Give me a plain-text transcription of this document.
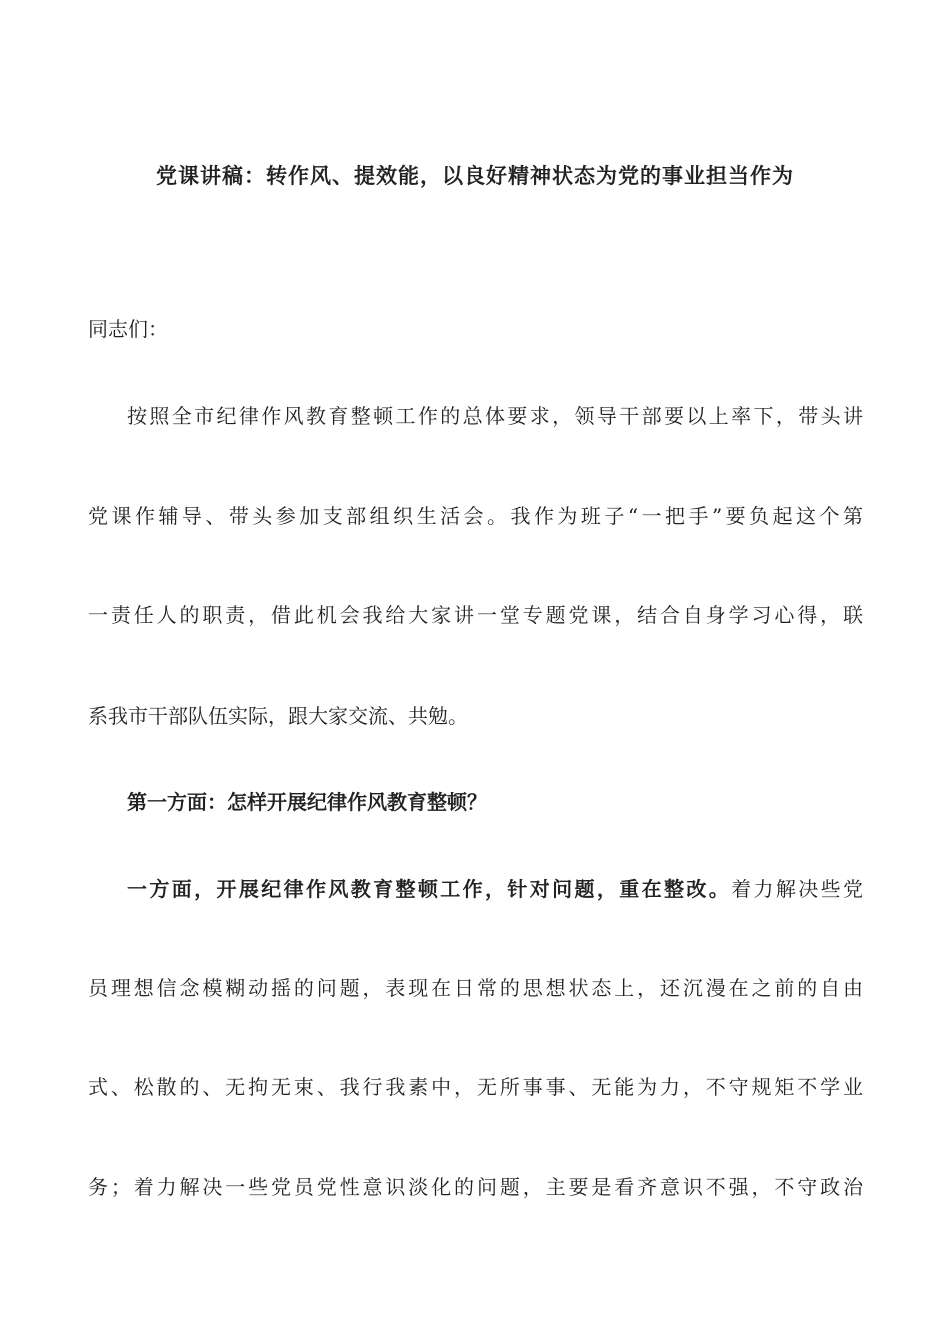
党课讲稿：转作风、提效能，以良好精神状态为党的事业担当作为
同志们：
按照全市纪律作风教育整顿工作的总体要求，领导干部要以上率下，带头讲
党课作辅导、带头参加支部组织生活会。我作为班子“一把手”要负起这个第
一责任人的职责，借此机会我给大家讲一堂专题党课，结合自身学习心得，联
系我市干部队伍实际，跟大家交流、共勉。
第一方面：怎样开展纪律作风教育整顿？
一方面，开展纪律作风教育整顿工作，针对问题，重在整改。着力解决些党
员理想信念模糊动摇的问题，表现在日常的思想状态上，还沉漫在之前的自由
式、松散的、无拘无束、我行我素中，无所事事、无能为力，不守规矩不学业
务；着力解决一些党员党性意识淡化的问题，主要是看齐意识不强，不守政治
